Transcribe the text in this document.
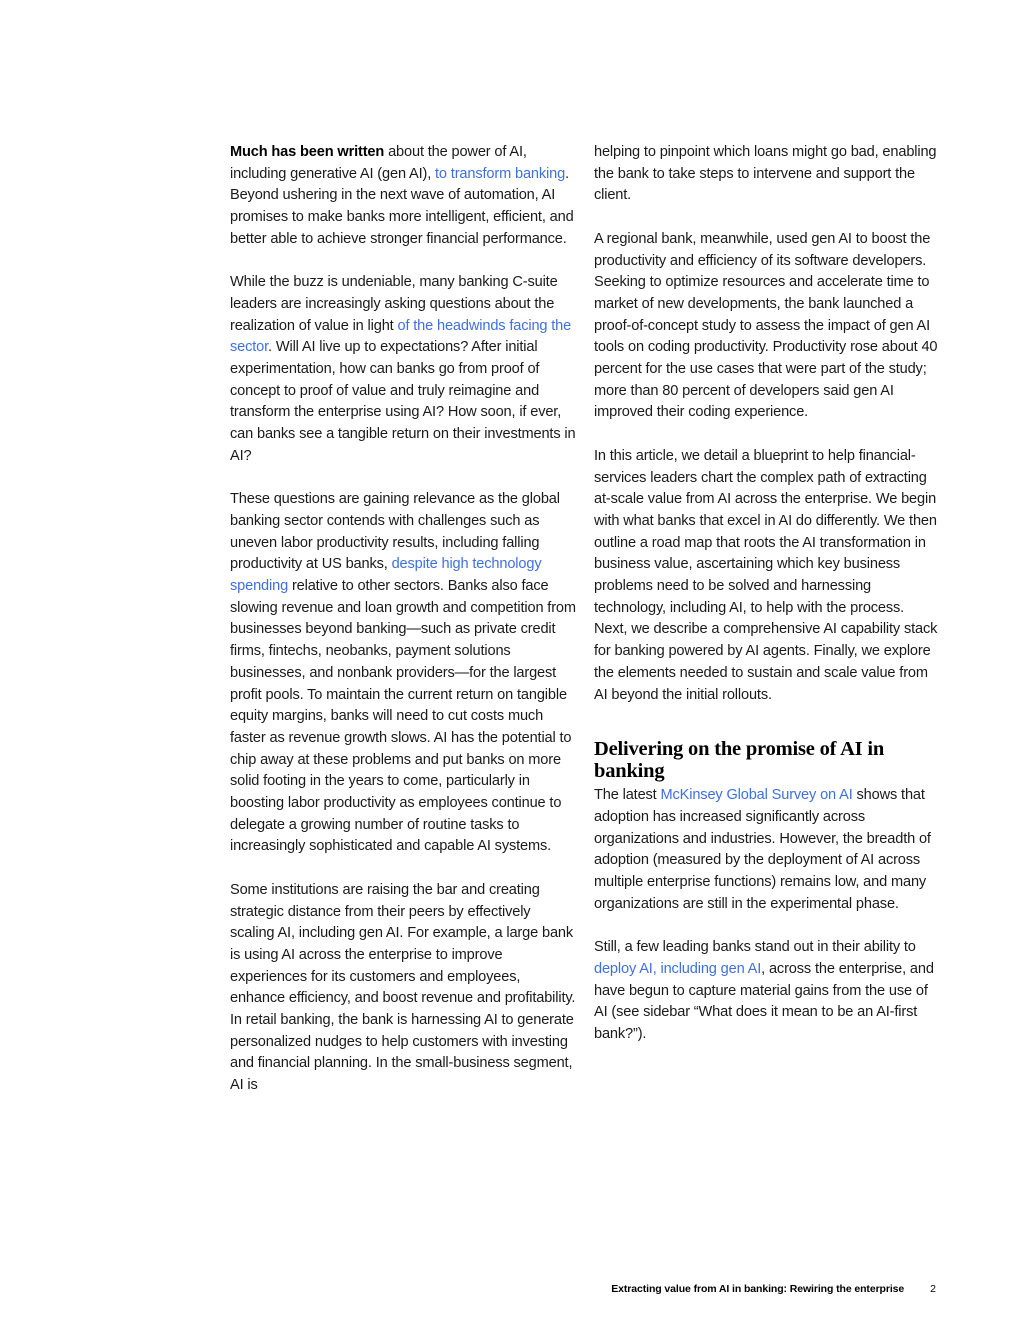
Much has been written about the power of AI, including generative AI (gen AI), to transform banking. Beyond ushering in the next wave of automation, AI promises to make banks more intelligent, efficient, and better able to achieve stronger financial performance.

While the buzz is undeniable, many banking C-suite leaders are increasingly asking questions about the realization of value in light of the headwinds facing the sector. Will AI live up to expectations? After initial experimentation, how can banks go from proof of concept to proof of value and truly reimagine and transform the enterprise using AI? How soon, if ever, can banks see a tangible return on their investments in AI?

These questions are gaining relevance as the global banking sector contends with challenges such as uneven labor productivity results, including falling productivity at US banks, despite high technology spending relative to other sectors. Banks also face slowing revenue and loan growth and competition from businesses beyond banking—such as private credit firms, fintechs, neobanks, payment solutions businesses, and nonbank providers—for the largest profit pools. To maintain the current return on tangible equity margins, banks will need to cut costs much faster as revenue growth slows. AI has the potential to chip away at these problems and put banks on more solid footing in the years to come, particularly in boosting labor productivity as employees continue to delegate a growing number of routine tasks to increasingly sophisticated and capable AI systems.

Some institutions are raising the bar and creating strategic distance from their peers by effectively scaling AI, including gen AI. For example, a large bank is using AI across the enterprise to improve experiences for its customers and employees, enhance efficiency, and boost revenue and profitability. In retail banking, the bank is harnessing AI to generate personalized nudges to help customers with investing and financial planning. In the small-business segment, AI is

helping to pinpoint which loans might go bad, enabling the bank to take steps to intervene and support the client.

A regional bank, meanwhile, used gen AI to boost the productivity and efficiency of its software developers. Seeking to optimize resources and accelerate time to market of new developments, the bank launched a proof-of-concept study to assess the impact of gen AI tools on coding productivity. Productivity rose about 40 percent for the use cases that were part of the study; more than 80 percent of developers said gen AI improved their coding experience.

In this article, we detail a blueprint to help financial-services leaders chart the complex path of extracting at-scale value from AI across the enterprise. We begin with what banks that excel in AI do differently. We then outline a road map that roots the AI transformation in business value, ascertaining which key business problems need to be solved and harnessing technology, including AI, to help with the process. Next, we describe a comprehensive AI capability stack for banking powered by AI agents. Finally, we explore the elements needed to sustain and scale value from AI beyond the initial rollouts.

Delivering on the promise of AI in banking

The latest McKinsey Global Survey on AI shows that adoption has increased significantly across organizations and industries. However, the breadth of adoption (measured by the deployment of AI across multiple enterprise functions) remains low, and many organizations are still in the experimental phase.

Still, a few leading banks stand out in their ability to deploy AI, including gen AI, across the enterprise, and have begun to capture material gains from the use of AI (see sidebar “What does it mean to be an AI-first bank?”).

Extracting value from AI in banking: Rewiring the enterprise 2
